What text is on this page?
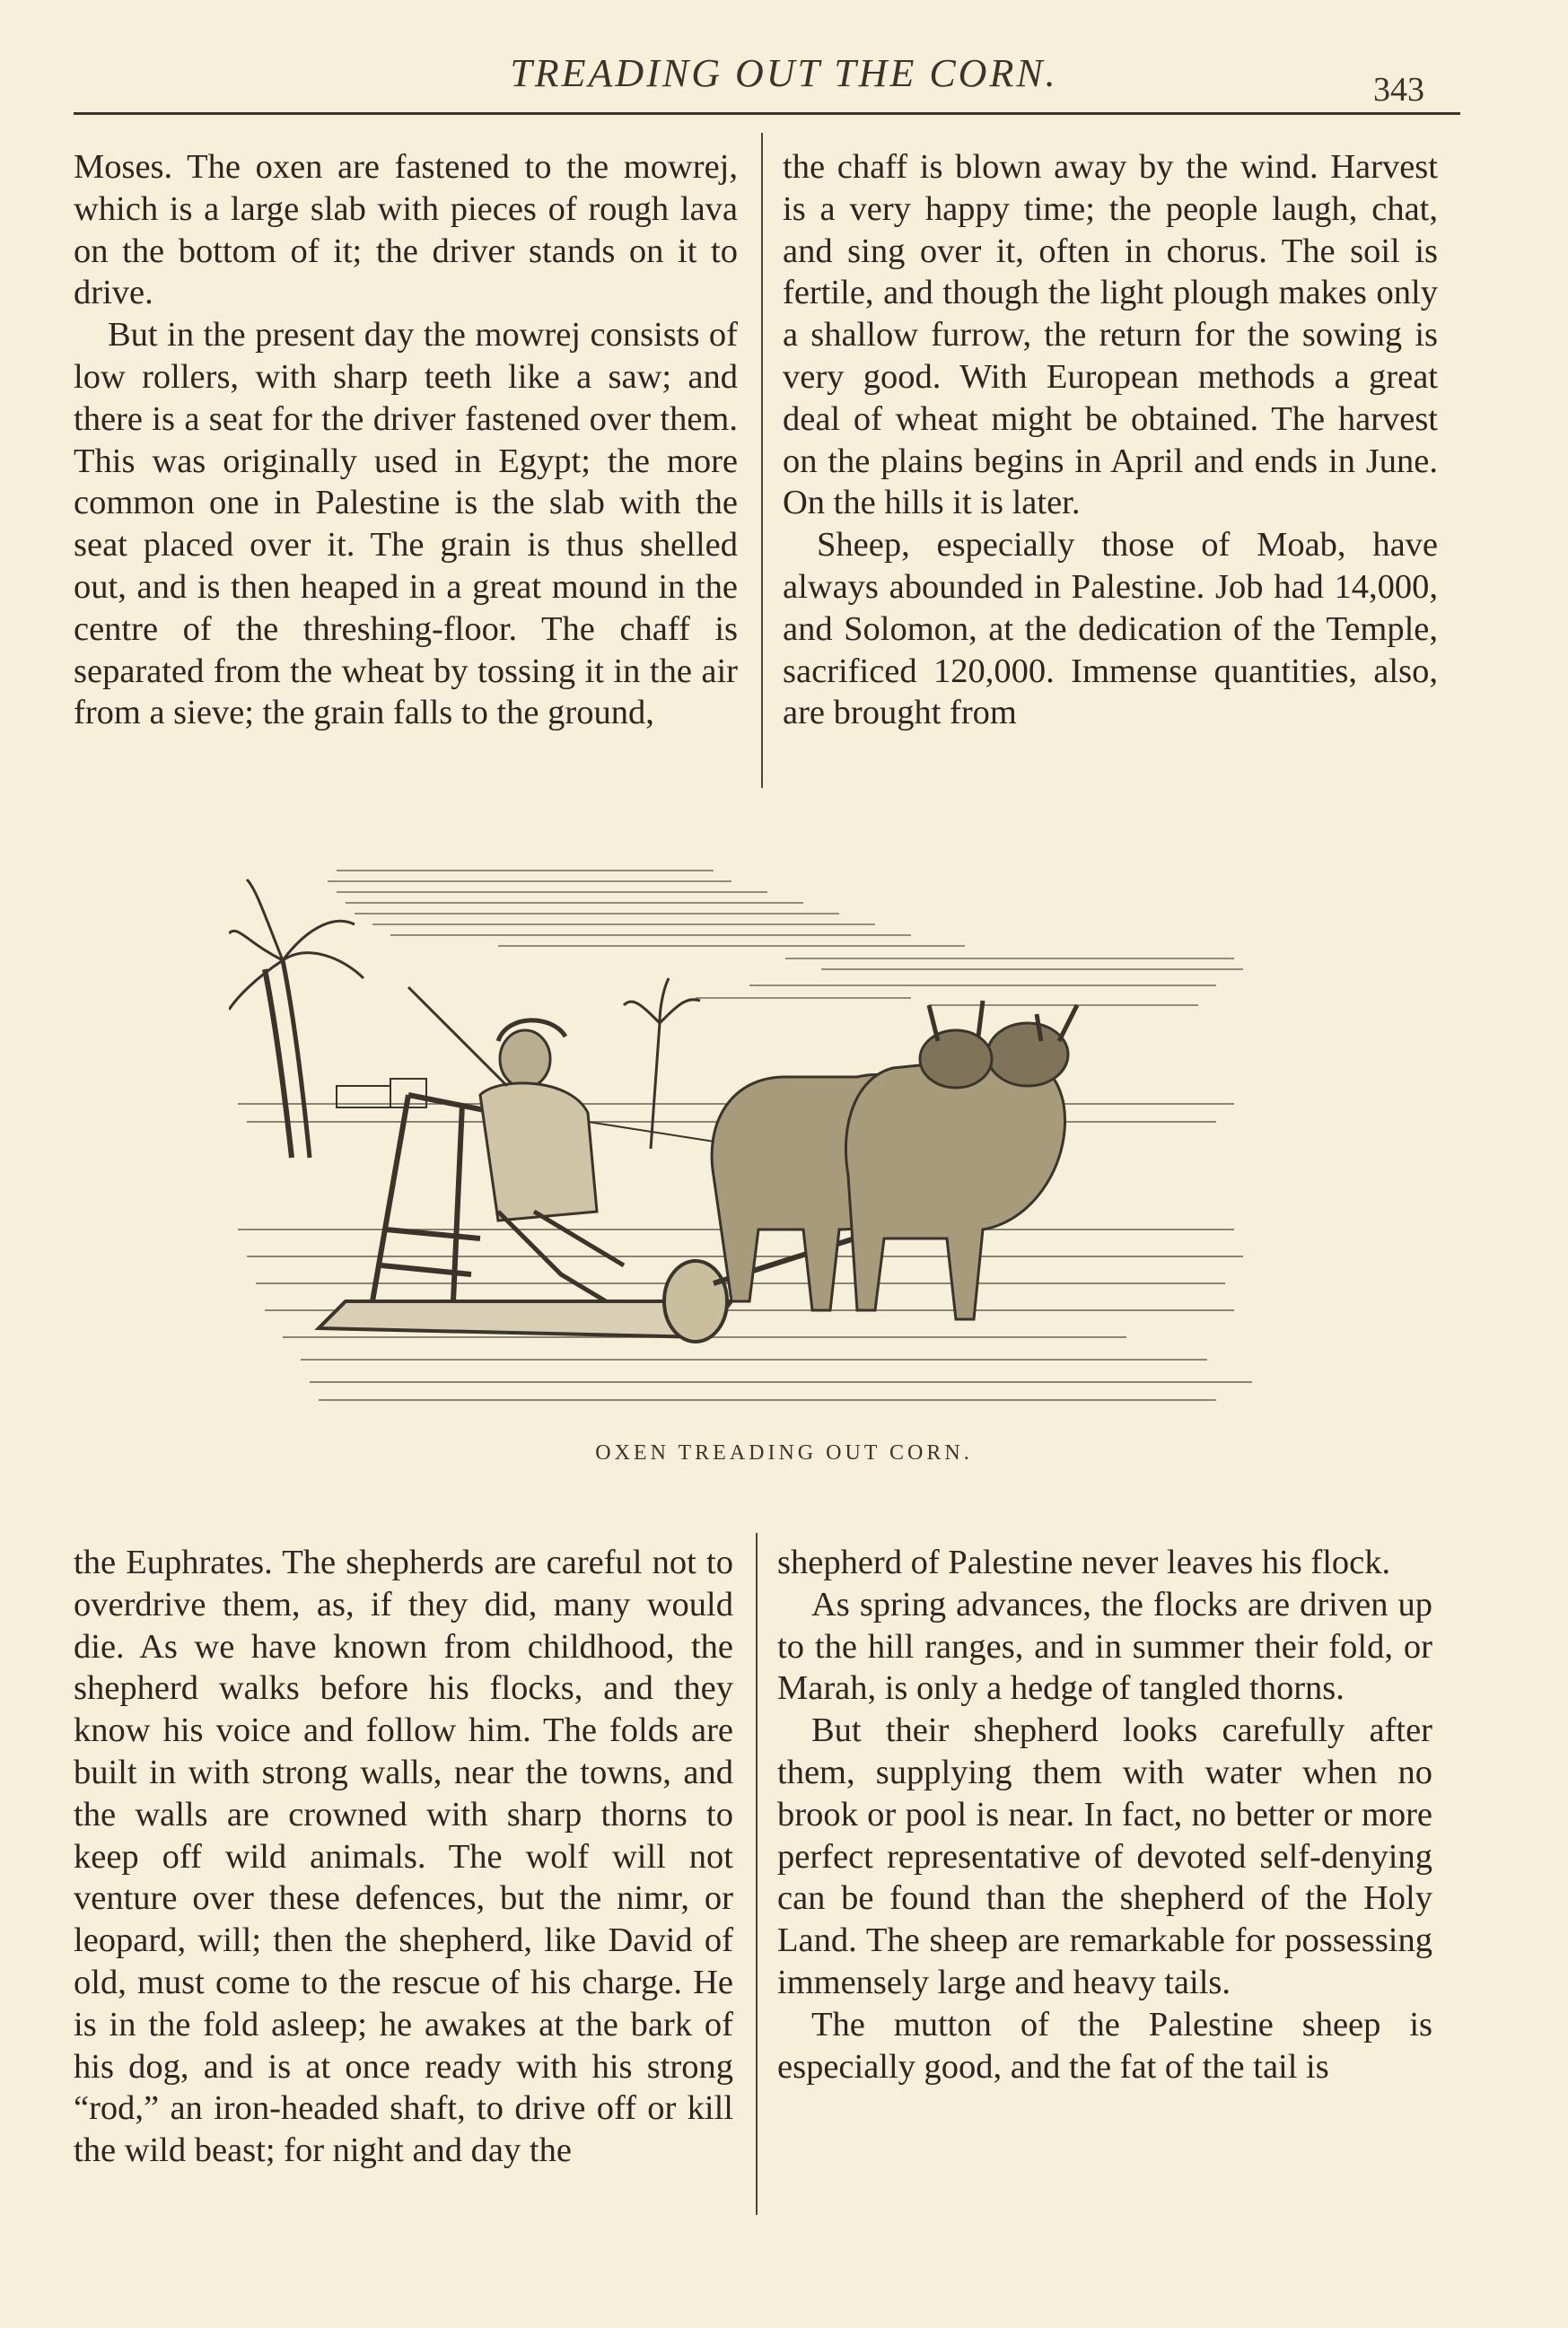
TREADING OUT THE CORN.	343

Moses. The oxen are fastened to the mowrej, which is a large slab with pieces of rough lava on the bottom of it; the driver stands on it to drive.

But in the present day the mowrej consists of low rollers, with sharp teeth like a saw; and there is a seat for the driver fastened over them. This was originally used in Egypt; the more common one in Palestine is the slab with the seat placed over it. The grain is thus shelled out, and is then heaped in a great mound in the centre of the threshing-floor. The chaff is separated from the wheat by tossing it in the air from a sieve; the grain falls to the ground,

the chaff is blown away by the wind. Harvest is a very happy time; the people laugh, chat, and sing over it, often in chorus. The soil is fertile, and though the light plough makes only a shallow furrow, the return for the sowing is very good. With European methods a great deal of wheat might be obtained. The harvest on the plains begins in April and ends in June. On the hills it is later.

Sheep, especially those of Moab, have always abounded in Palestine. Job had 14,000, and Solomon, at the dedication of the Temple, sacrificed 120,000. Immense quantities, also, are brought from

OXEN TREADING OUT CORN.

the Euphrates. The shepherds are careful not to overdrive them, as, if they did, many would die. As we have known from childhood, the shepherd walks before his flocks, and they know his voice and follow him. The folds are built in with strong walls, near the towns, and the walls are crowned with sharp thorns to keep off wild animals. The wolf will not venture over these defences, but the nimr, or leopard, will; then the shepherd, like David of old, must come to the rescue of his charge. He is in the fold asleep; he awakes at the bark of his dog, and is at once ready with his strong “rod,” an iron-headed shaft, to drive off or kill the wild beast; for night and day the

shepherd of Palestine never leaves his flock.

As spring advances, the flocks are driven up to the hill ranges, and in summer their fold, or Marah, is only a hedge of tangled thorns.

But their shepherd looks carefully after them, supplying them with water when no brook or pool is near. In fact, no better or more perfect representative of devoted self-denying can be found than the shepherd of the Holy Land. The sheep are remarkable for possessing immensely large and heavy tails.

The mutton of the Palestine sheep is especially good, and the fat of the tail is
